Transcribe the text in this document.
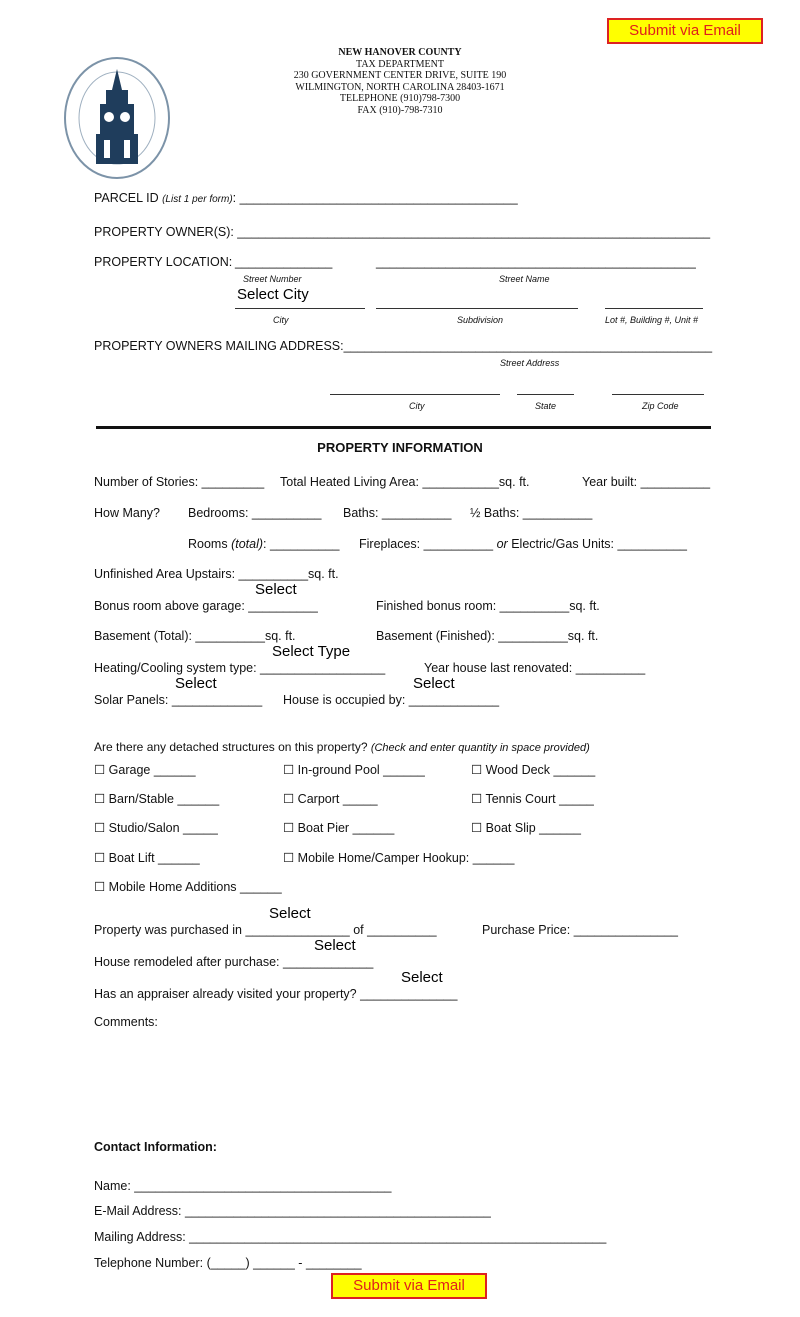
Submit via Email
NEW HANOVER COUNTY
TAX DEPARTMENT
230 GOVERNMENT CENTER DRIVE, SUITE 190
WILMINGTON, NORTH CAROLINA 28403-1671
TELEPHONE (910)798-7300
FAX (910)-798-7310
PARCEL ID (List 1 per form): ________________________________________
PROPERTY OWNER(S): ____________________________________________________________________
PROPERTY LOCATION: ______________	______________________________________________
Street Number	Street Name
Select City
City	Subdivision	Lot #, Building #, Unit #
PROPERTY OWNERS MAILING ADDRESS:_____________________________________________________
Street Address
City	State	Zip Code
PROPERTY INFORMATION
Number of Stories: _________ Total Heated Living Area: ___________sq. ft.	Year built: __________
How Many? Bedrooms: __________ Baths: __________ ½ Baths: __________
Rooms (total): __________ Fireplaces: __________ or Electric/Gas Units: __________
Unfinished Area Upstairs: __________sq. ft.
Bonus room above garage: __________
Select
Finished bonus room: __________sq. ft.
Basement (Total): __________sq. ft.	Basement (Finished): __________sq. ft.
Heating/Cooling system type: __________________
Select Type
Year house last renovated: __________
Solar Panels: _____________
Select
House is occupied by: _____________
Select
Are there any detached structures on this property? (Check and enter quantity in space provided)
☐ Garage ______	☐ In-ground Pool ______	☐ Wood Deck ______
☐ Barn/Stable ______	☐ Carport _____	☐ Tennis Court _____
☐ Studio/Salon _____	☐ Boat Pier ______	☐ Boat Slip ______
☐ Boat Lift ______	☐ Mobile Home/Camper Hookup: ______
☐ Mobile Home Additions ______
Select
Property was purchased in _______________ of __________	Purchase Price: _______________
Select
House remodeled after purchase: _____________
Select
Has an appraiser already visited your property? ______________
Comments:
Contact Information:
Name: _____________________________________
E-Mail Address: ____________________________________________
Mailing Address: ____________________________________________________________
Telephone Number: (_____) ______ - ________
Submit via Email
